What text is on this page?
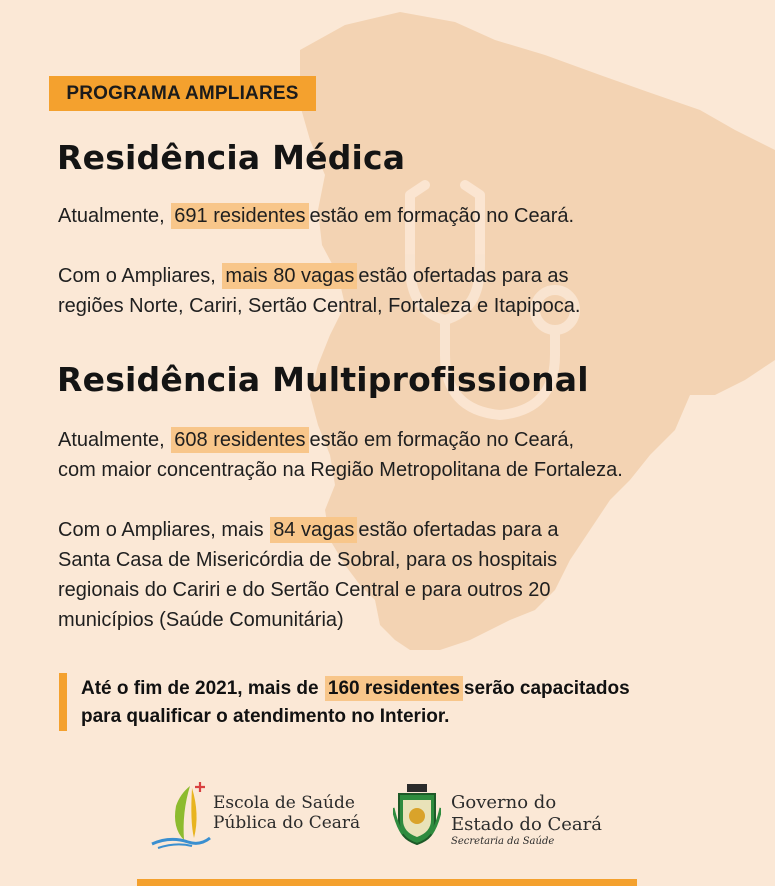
PROGRAMA AMPLIARES
Residência Médica

Atualmente, 691 residentes estão em formação no Ceará.

Com o Ampliares, mais 80 vagas estão ofertadas para as
regiões Norte, Cariri, Sertão Central, Fortaleza e Itapipoca.

Residência Multiprofissional

Atualmente, 608 residentes estão em formação no Ceará,
com maior concentração na Região Metropolitana de Fortaleza.

Com o Ampliares, mais 84 vagas estão ofertadas para a
Santa Casa de Misericórdia de Sobral, para os hospitais
regionais do Cariri e do Sertão Central e para outros 20
municípios (Saúde Comunitária)

Até o fim de 2021, mais de 160 residentes serão capacitados
para qualificar o atendimento no Interior.

Escola de Saúde
Pública do Ceará
Governo do
Estado do Ceará
Secretaria da Saúde
